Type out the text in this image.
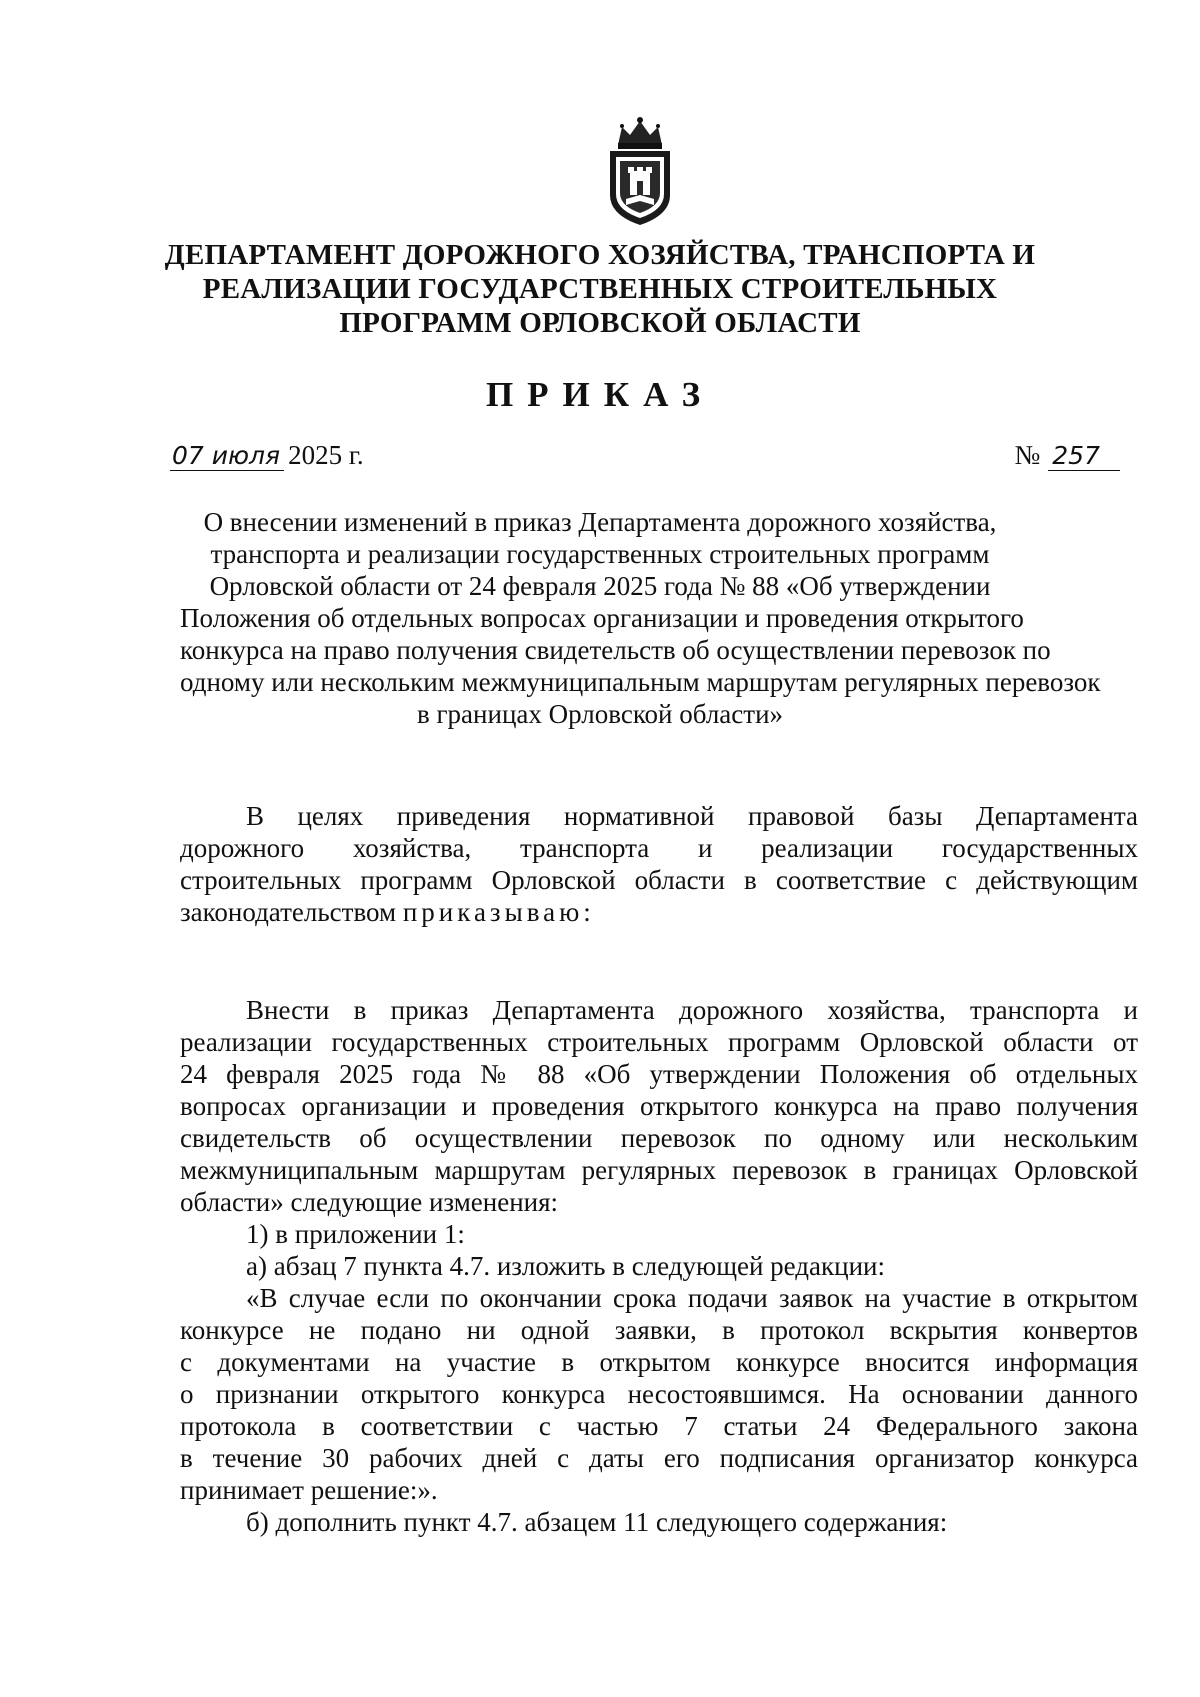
ДЕПАРТАМЕНТ ДОРОЖНОГО ХОЗЯЙСТВА, ТРАНСПОРТА И
РЕАЛИЗАЦИИ ГОСУДАРСТВЕННЫХ СТРОИТЕЛЬНЫХ
ПРОГРАММ ОРЛОВСКОЙ ОБЛАСТИ
ПРИКАЗ
07 июля 2025 г.	№ 257
О внесении изменений в приказ Департамента дорожного хозяйства,
транспорта и реализации государственных строительных программ
Орловской области от 24 февраля 2025 года № 88 «Об утверждении
Положения об отдельных вопросах организации и проведения открытого
конкурса на право получения свидетельств об осуществлении перевозок по
одному или нескольким межмуниципальным маршрутам регулярных перевозок
в границах Орловской области»
В целях приведения нормативной правовой базы Департамента
дорожного хозяйства, транспорта и реализации государственных
строительных программ Орловской области в соответствие с действующим
законодательством приказываю:
Внести в приказ Департамента дорожного хозяйства, транспорта и
реализации государственных строительных программ Орловской области от
24 февраля 2025 года № 88 «Об утверждении Положения об отдельных
вопросах организации и проведения открытого конкурса на право получения
свидетельств об осуществлении перевозок по одному или нескольким
межмуниципальным маршрутам регулярных перевозок в границах Орловской
области» следующие изменения:
1) в приложении 1:
а) абзац 7 пункта 4.7. изложить в следующей редакции:
«В случае если по окончании срока подачи заявок на участие в открытом
конкурсе не подано ни одной заявки, в протокол вскрытия конвертов
с документами на участие в открытом конкурсе вносится информация
о признании открытого конкурса несостоявшимся. На основании данного
протокола в соответствии с частью 7 статьи 24 Федерального закона
в течение 30 рабочих дней с даты его подписания организатор конкурса
принимает решение:».
б) дополнить пункт 4.7. абзацем 11 следующего содержания:
